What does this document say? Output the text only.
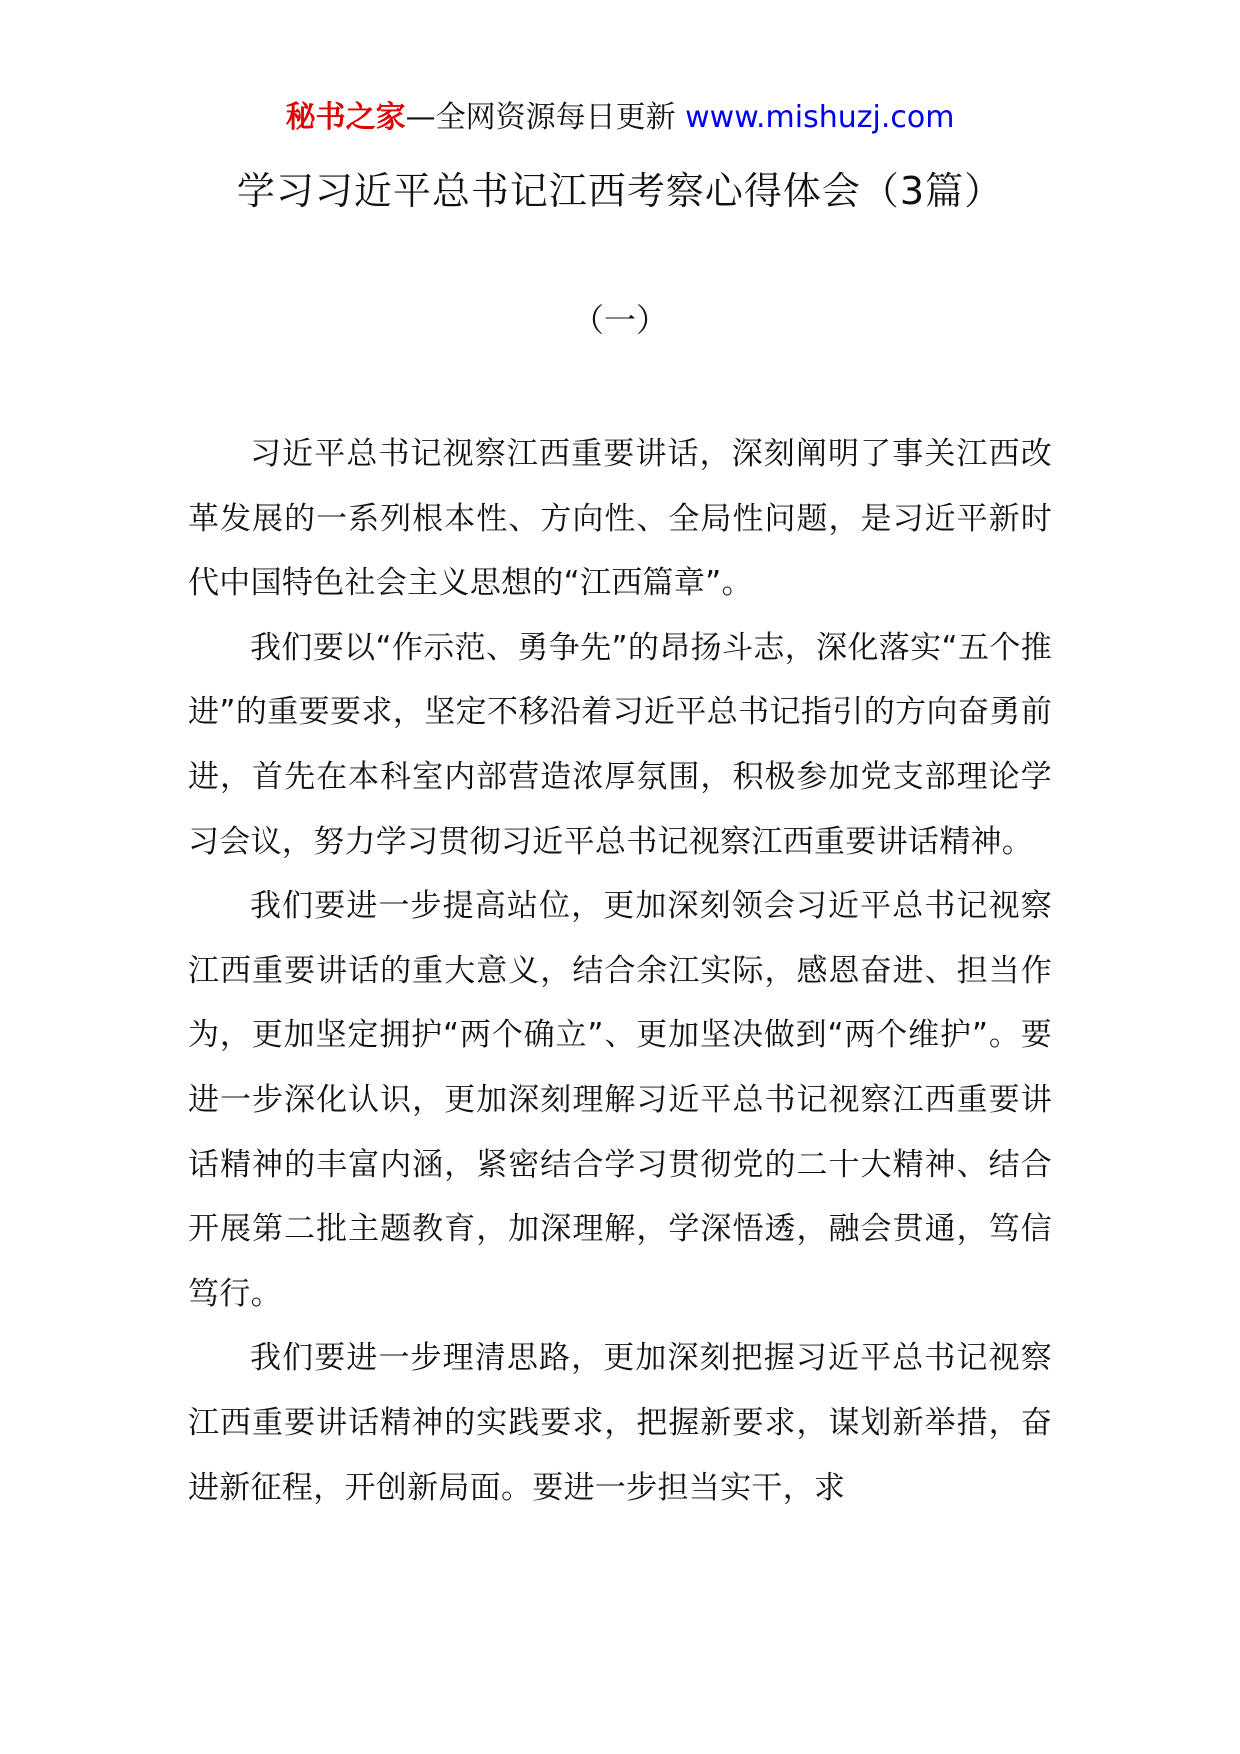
秘书之家—全网资源每日更新 www.mishuzj.com
学习习近平总书记江西考察心得体会（3篇）
（一）

习近平总书记视察江西重要讲话，深刻阐明了事关江西改革发展的一系列根本性、方向性、全局性问题，是习近平新时代中国特色社会主义思想的“江西篇章”。

我们要以“作示范、勇争先”的昂扬斗志，深化落实“五个推进”的重要要求，坚定不移沿着习近平总书记指引的方向奋勇前进，首先在本科室内部营造浓厚氛围，积极参加党支部理论学习会议，努力学习贯彻习近平总书记视察江西重要讲话精神。

我们要进一步提高站位，更加深刻领会习近平总书记视察江西重要讲话的重大意义，结合余江实际，感恩奋进、担当作为，更加坚定拥护“两个确立”、更加坚决做到“两个维护”。要进一步深化认识，更加深刻理解习近平总书记视察江西重要讲话精神的丰富内涵，紧密结合学习贯彻党的二十大精神、结合开展第二批主题教育，加深理解，学深悟透，融会贯通，笃信笃行。

我们要进一步理清思路，更加深刻把握习近平总书记视察江西重要讲话精神的实践要求，把握新要求，谋划新举措，奋进新征程，开创新局面。要进一步担当实干，求
